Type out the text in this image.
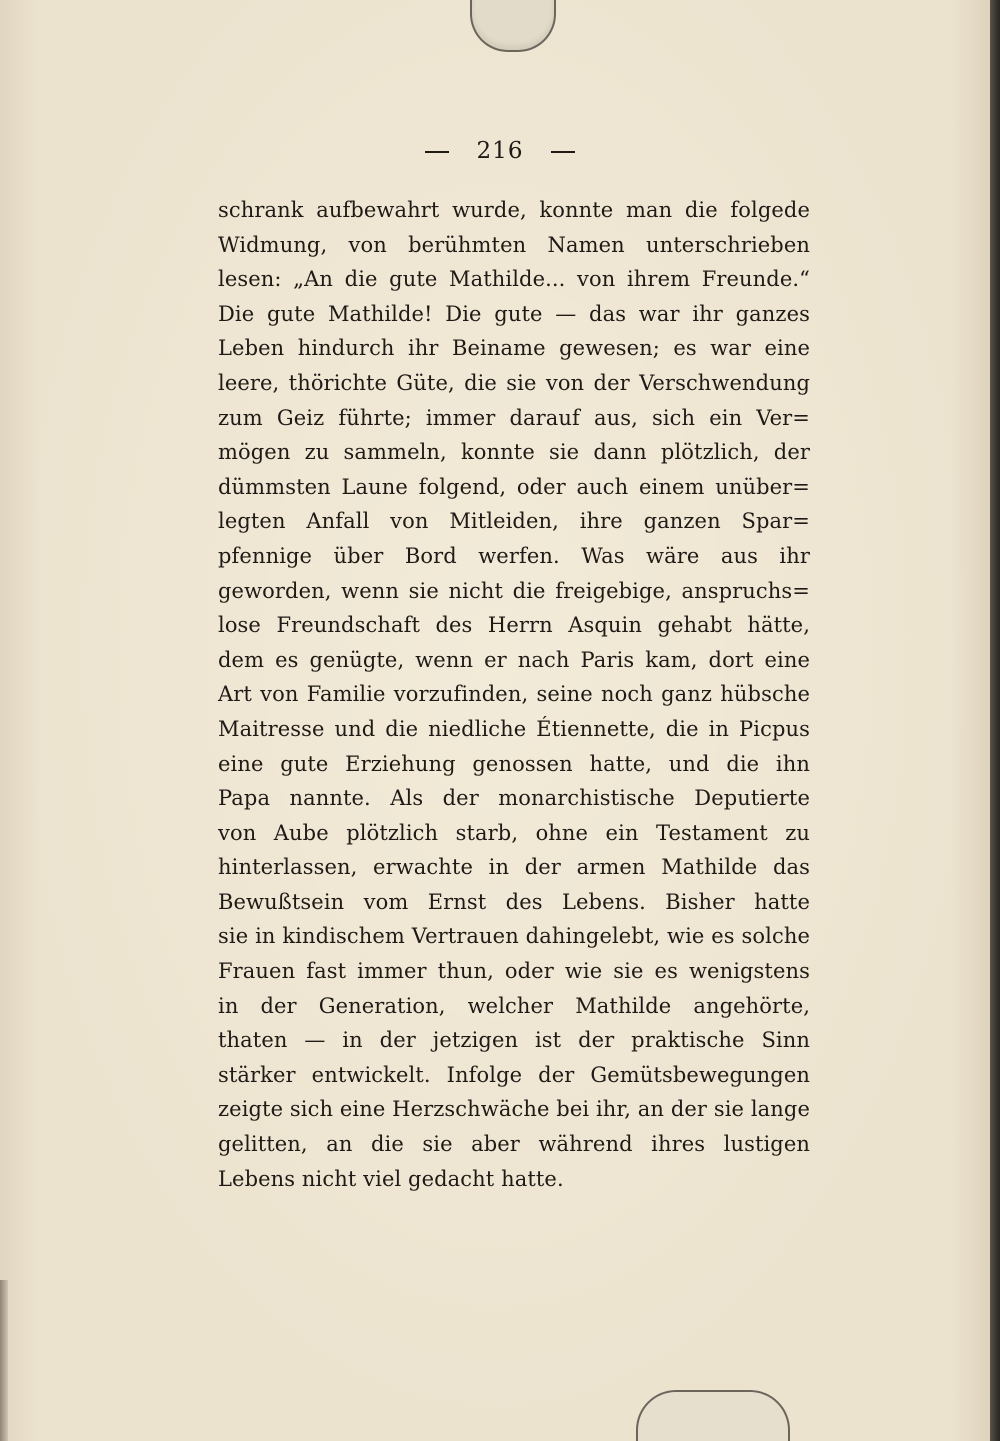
216
schrank aufbewahrt wurde, konnte man die folgede
Widmung, von berühmten Namen unterschrieben
lesen: „An die gute Mathilde... von ihrem Freunde.“
Die gute Mathilde! Die gute — das war ihr ganzes
Leben hindurch ihr Beiname gewesen; es war eine
leere, thörichte Güte, die sie von der Verschwendung
zum Geiz führte; immer darauf aus, sich ein Ver=
mögen zu sammeln, konnte sie dann plötzlich, der
dümmsten Laune folgend, oder auch einem unüber=
legten Anfall von Mitleiden, ihre ganzen Spar=
pfennige über Bord werfen. Was wäre aus ihr
geworden, wenn sie nicht die freigebige, anspruchs=
lose Freundschaft des Herrn Asquin gehabt hätte,
dem es genügte, wenn er nach Paris kam, dort eine
Art von Familie vorzufinden, seine noch ganz hübsche
Maitresse und die niedliche Étiennette, die in Picpus
eine gute Erziehung genossen hatte, und die ihn
Papa nannte. Als der monarchistische Deputierte
von Aube plötzlich starb, ohne ein Testament zu
hinterlassen, erwachte in der armen Mathilde das
Bewußtsein vom Ernst des Lebens. Bisher hatte
sie in kindischem Vertrauen dahingelebt, wie es solche
Frauen fast immer thun, oder wie sie es wenigstens
in der Generation, welcher Mathilde angehörte,
thaten — in der jetzigen ist der praktische Sinn
stärker entwickelt. Infolge der Gemütsbewegungen
zeigte sich eine Herzschwäche bei ihr, an der sie lange
gelitten, an die sie aber während ihres lustigen
Lebens nicht viel gedacht hatte.
